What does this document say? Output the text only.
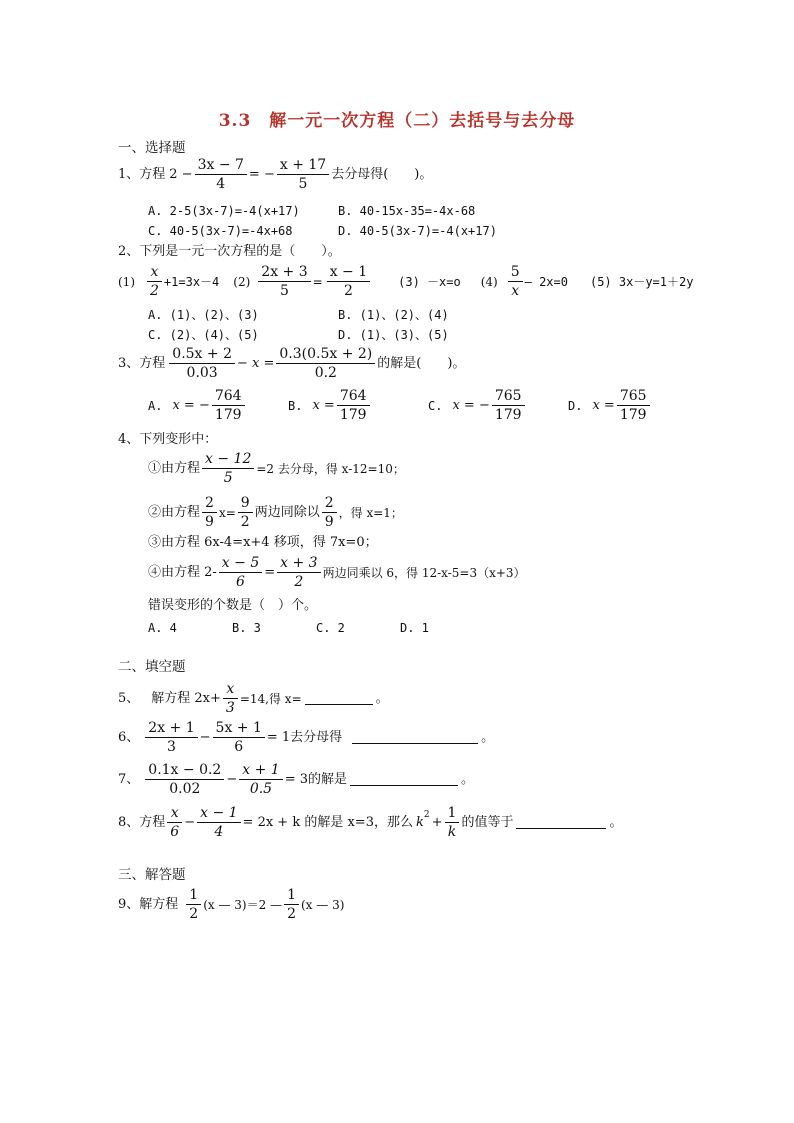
3.3　解一元一次方程（二）去括号与去分母
一、选择题
1、方程 $2 - \frac{3x - 7}{4}$ = − $\frac{x + 17}{5}$ 去分母得(　　)。
A. 2-5(3x-7)=-4(x+17)	B. 40-15x-35=-4x-68
C. 40-5(3x-7)=-4x+68	D. 40-5(3x-7)=-4(x+17)
2、下列是一元一次方程的是（　　）。
$(1) \frac{x}{2} +1=3x-4$ $(2) \frac{2x + 3}{5} = \frac{x - 1}{2} (3) -x=o$ $(4) \frac{5}{x}$ — 2x=0 (5) 3x－y=1＋2y
A. (1)、(2)、(3)	B. (1)、(2)、(4)
C. (2)、(4)、(5)	D. (1)、(3)、(5)
3、方程 $\frac{0.5x + 2}{0.03} - x = \frac{0.3(0.5x + 2)}{0.2}$ 的解是(　　)。
A. x = − $\frac{764}{179}$	B. $x = \frac{764}{179}$	C. x = − $\frac{765}{179}$	D. $x = \frac{765}{179}$
4、下列变形中：
①由方程 $\frac{x - 12}{5} =2$ 去分母，得 x-12=10；
②由方程 $\frac{2}{9} x= \frac{9}{2}$ 两边同除以 $\frac{2}{9}$ ，得 x=1；
③由方程 6x-4=x+4 移项，得 7x=0；
④由方程 $2- \frac{x - 5}{6} = \frac{x + 3}{2}$ 两边同乘以 6，得 12-x-5=3（x+3）
错误变形的个数是（　）个。
A. 4	B. 3	C. 2	D. 1
二、填空题
5、 解方程 $2x+ \frac{x}{3} =14$,得 x=	。
6、 $\frac{2x + 1}{3} - \frac{5x + 1}{6} = 1$去分母得	。
7、 $\frac{0.1x - 0.2}{0.02} - \frac{x + 1}{0.5} = 3$的解是	。
8、方程 $\frac{x}{6} - \frac{x - 1}{4} = 2x + k$ 的解是 x=3，那么 k $2 + \frac{1}{k}$ 的值等于	。
三、解答题
9、解方程 $\frac{1}{2} (x$ — 3)＝2 — $\frac{1}{2} (x$ — 3)
